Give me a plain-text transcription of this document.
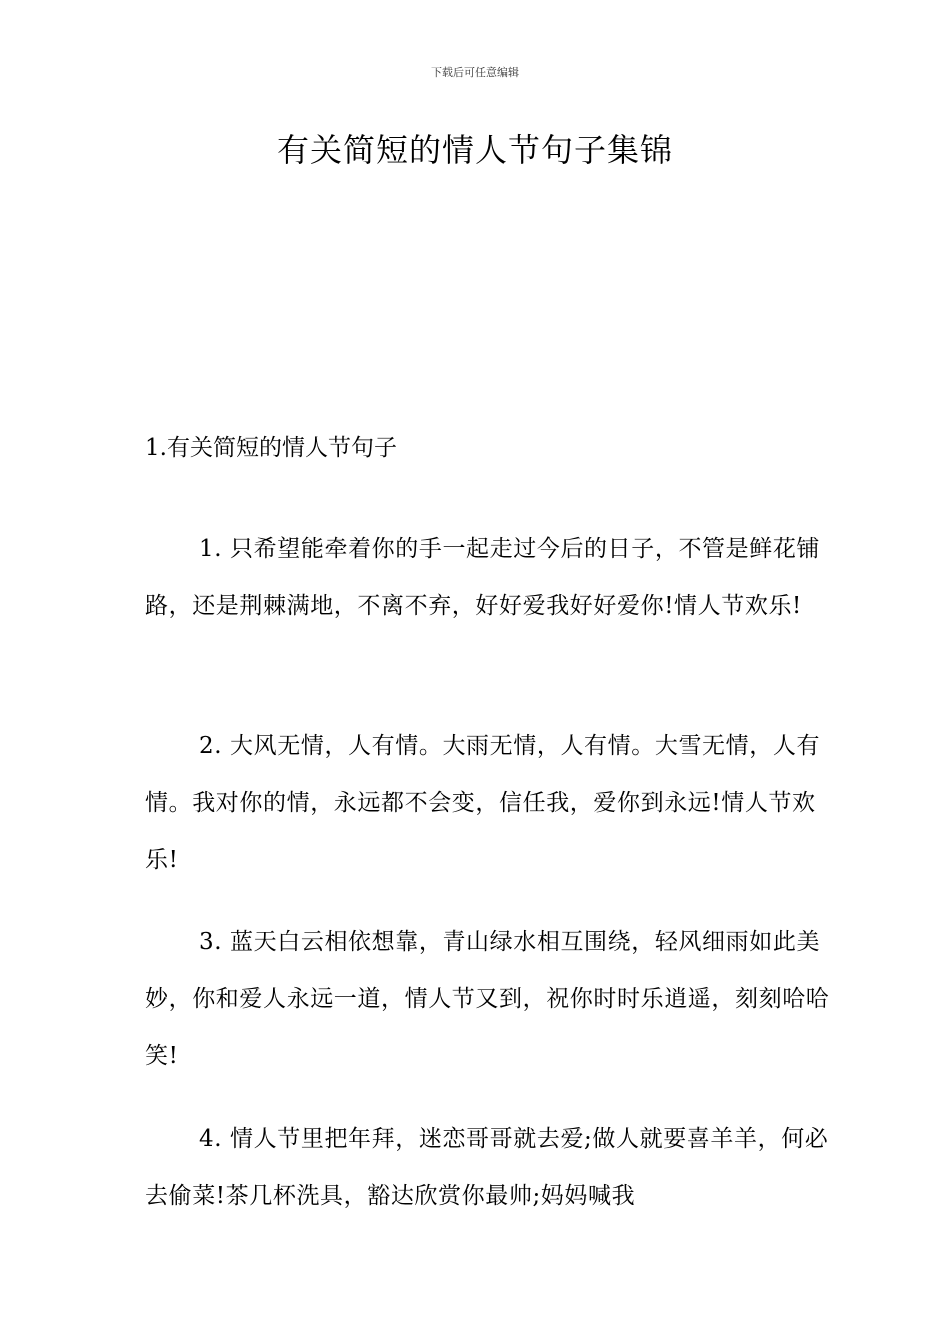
下载后可任意编辑
有关简短的情人节句子集锦
1.有关简短的情人节句子

1. 只希望能牵着你的手一起走过今后的日子，不管是鲜花铺路，还是荆棘满地，不离不弃，好好爱我好好爱你!情人节欢乐!

2. 大风无情，人有情。大雨无情，人有情。大雪无情，人有情。我对你的情，永远都不会变，信任我，爱你到永远!情人节欢乐!

3. 蓝天白云相依想靠，青山绿水相互围绕，轻风细雨如此美妙，你和爱人永远一道，情人节又到，祝你时时乐逍遥，刻刻哈哈笑!

4. 情人节里把年拜，迷恋哥哥就去爱;做人就要喜羊羊，何必去偷菜!茶几杯洗具，豁达欣赏你最帅;妈妈喊我
